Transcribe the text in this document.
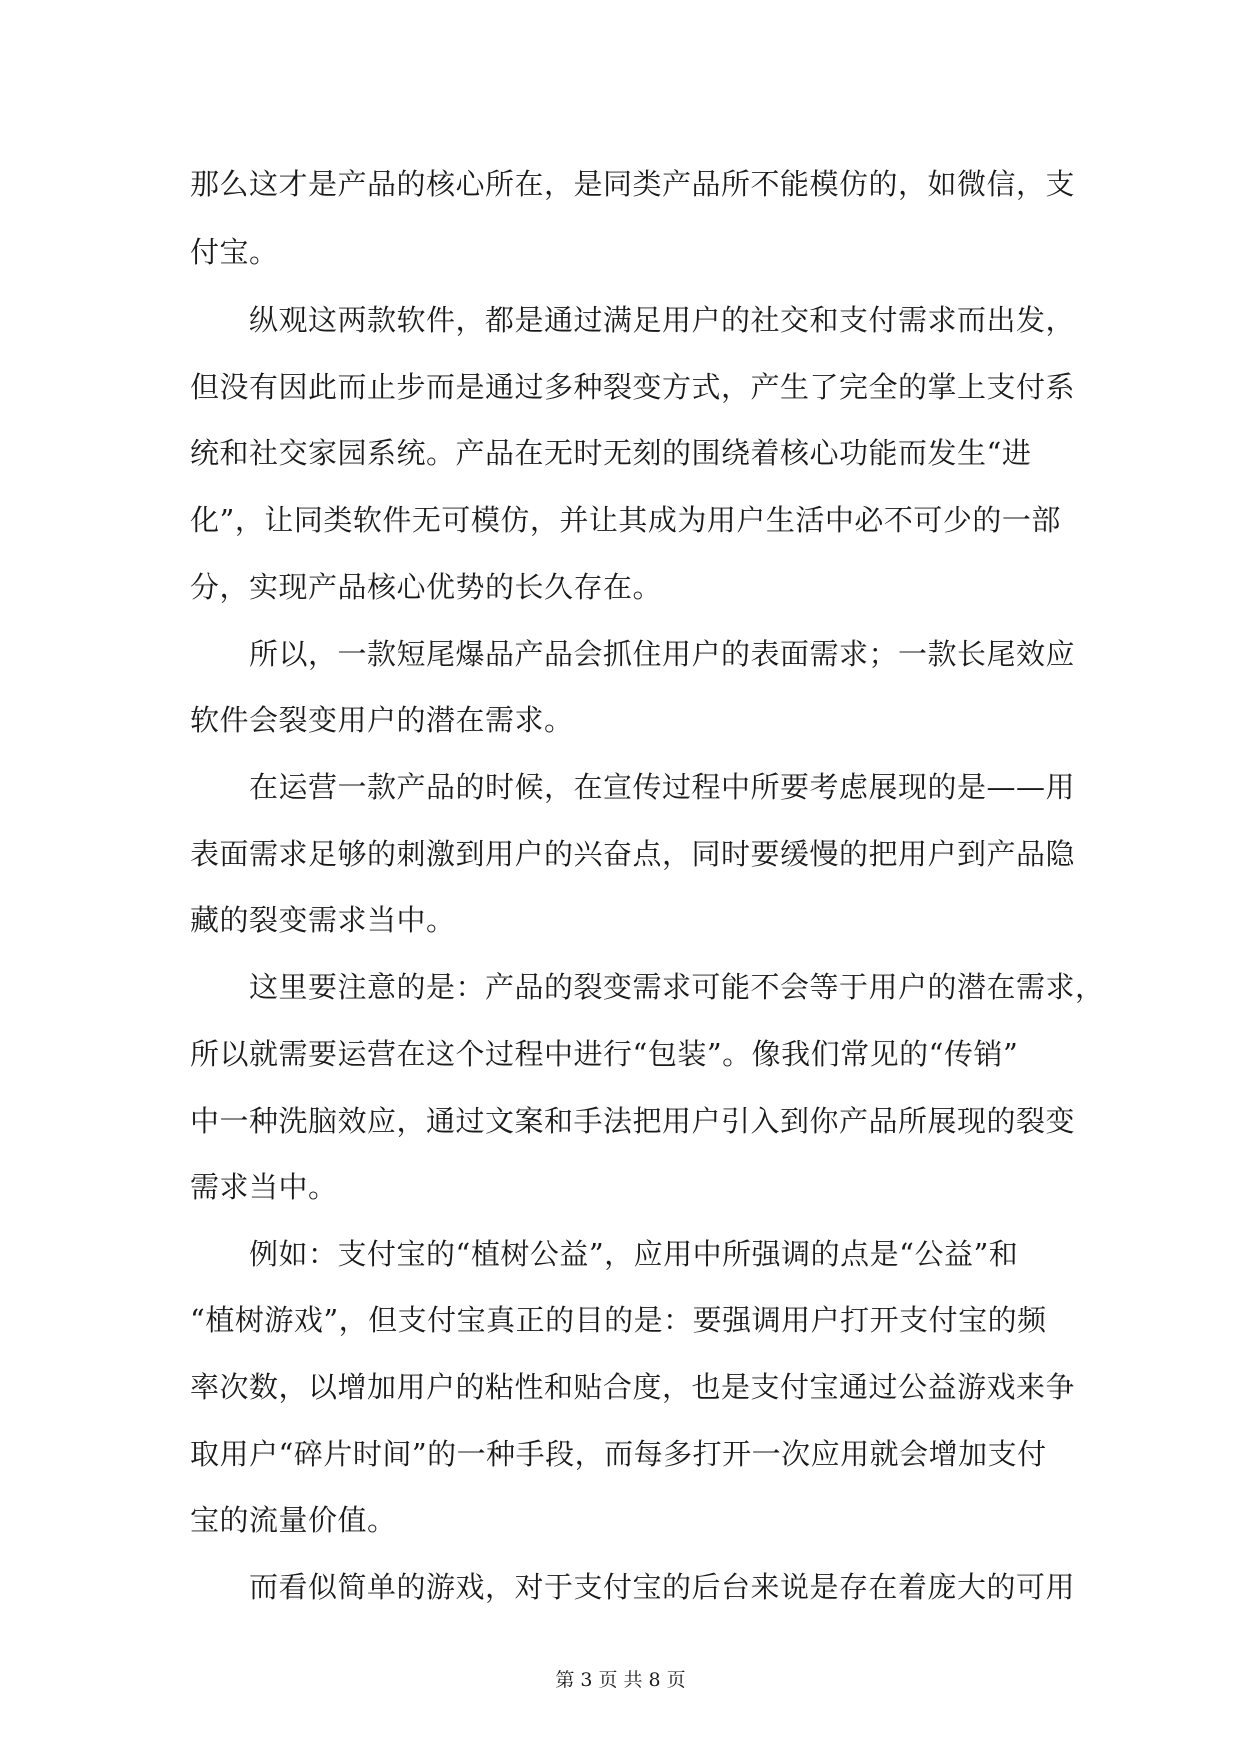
那么这才是产品的核心所在，是同类产品所不能模仿的，如微信，支
付宝。
　　纵观这两款软件，都是通过满足用户的社交和支付需求而出发，
但没有因此而止步而是通过多种裂变方式，产生了完全的掌上支付系
统和社交家园系统。产品在无时无刻的围绕着核心功能而发生“进
化”，让同类软件无可模仿，并让其成为用户生活中必不可少的一部
分，实现产品核心优势的长久存在。
　　所以，一款短尾爆品产品会抓住用户的表面需求；一款长尾效应
软件会裂变用户的潜在需求。
　　在运营一款产品的时候，在宣传过程中所要考虑展现的是——用
表面需求足够的刺激到用户的兴奋点，同时要缓慢的把用户到产品隐
藏的裂变需求当中。
　　这里要注意的是：产品的裂变需求可能不会等于用户的潜在需求，
所以就需要运营在这个过程中进行“包装”。像我们常见的“传销”
中一种洗脑效应，通过文案和手法把用户引入到你产品所展现的裂变
需求当中。
　　例如：支付宝的“植树公益”，应用中所强调的点是“公益”和
“植树游戏”，但支付宝真正的目的是：要强调用户打开支付宝的频
率次数，以增加用户的粘性和贴合度，也是支付宝通过公益游戏来争
取用户“碎片时间”的一种手段，而每多打开一次应用就会增加支付
宝的流量价值。
　　而看似简单的游戏，对于支付宝的后台来说是存在着庞大的可用
第 3 页 共 8 页
